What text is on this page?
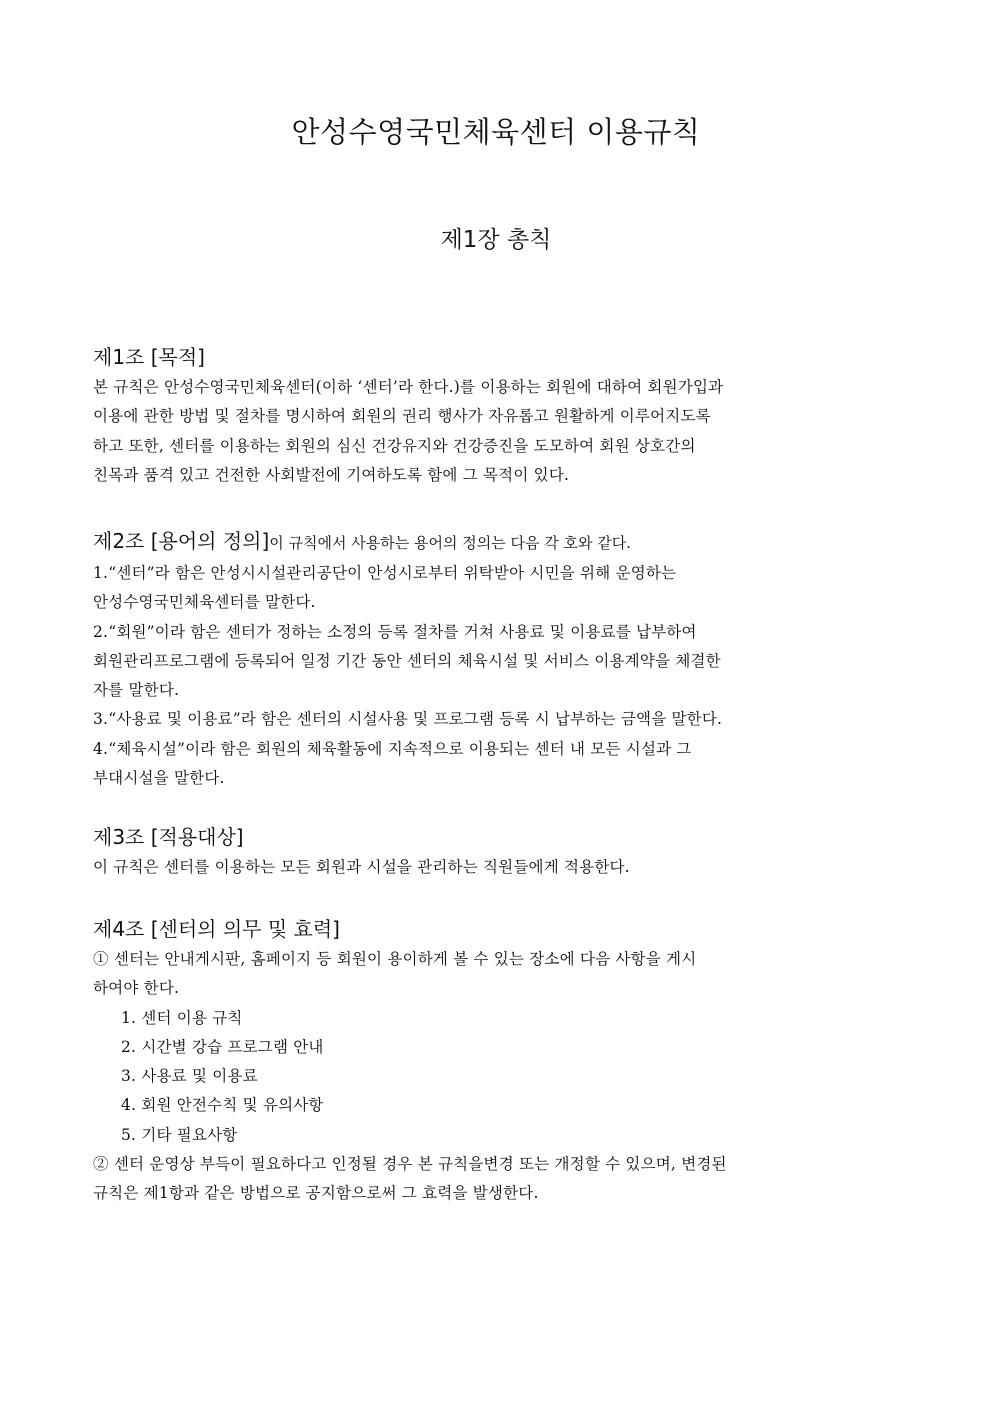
안성수영국민체육센터 이용규칙
제1장 총칙
제1조 [목적]
본 규칙은 안성수영국민체육센터(이하 ‘센터’라 한다.)를 이용하는 회원에 대하여 회원가입과
이용에 관한 방법 및 절차를 명시하여 회원의 권리 행사가 자유롭고 원활하게 이루어지도록
하고 또한, 센터를 이용하는 회원의 심신 건강유지와 건강증진을 도모하여 회원 상호간의
친목과 품격 있고 건전한 사회발전에 기여하도록 함에 그 목적이 있다.
제2조 [용어의 정의]이 규칙에서 사용하는 용어의 정의는 다음 각 호와 같다.
1.“센터”라 함은 안성시시설관리공단이 안성시로부터 위탁받아 시민을 위해 운영하는
안성수영국민체육센터를 말한다.
2.“회원”이라 함은 센터가 정하는 소정의 등록 절차를 거쳐 사용료 및 이용료를 납부하여
회원관리프로그램에 등록되어 일정 기간 동안 센터의 체육시설 및 서비스 이용계약을 체결한
자를 말한다.
3.“사용료 및 이용료”라 함은 센터의 시설사용 및 프로그램 등록 시 납부하는 금액을 말한다.
4.“체육시설”이라 함은 회원의 체육활동에 지속적으로 이용되는 센터 내 모든 시설과 그
부대시설을 말한다.
제3조 [적용대상]
이 규칙은 센터를 이용하는 모든 회원과 시설을 관리하는 직원들에게 적용한다.
제4조 [센터의 의무 및 효력]
① 센터는 안내게시판, 홈페이지 등 회원이 용이하게 볼 수 있는 장소에 다음 사항을 게시
하여야 한다.
1. 센터 이용 규칙
2. 시간별 강습 프로그램 안내
3. 사용료 및 이용료
4. 회원 안전수칙 및 유의사항
5. 기타 필요사항
② 센터 운영상 부득이 필요하다고 인정될 경우 본 규칙을변경 또는 개정할 수 있으며, 변경된
규칙은 제1항과 같은 방법으로 공지함으로써 그 효력을 발생한다.
